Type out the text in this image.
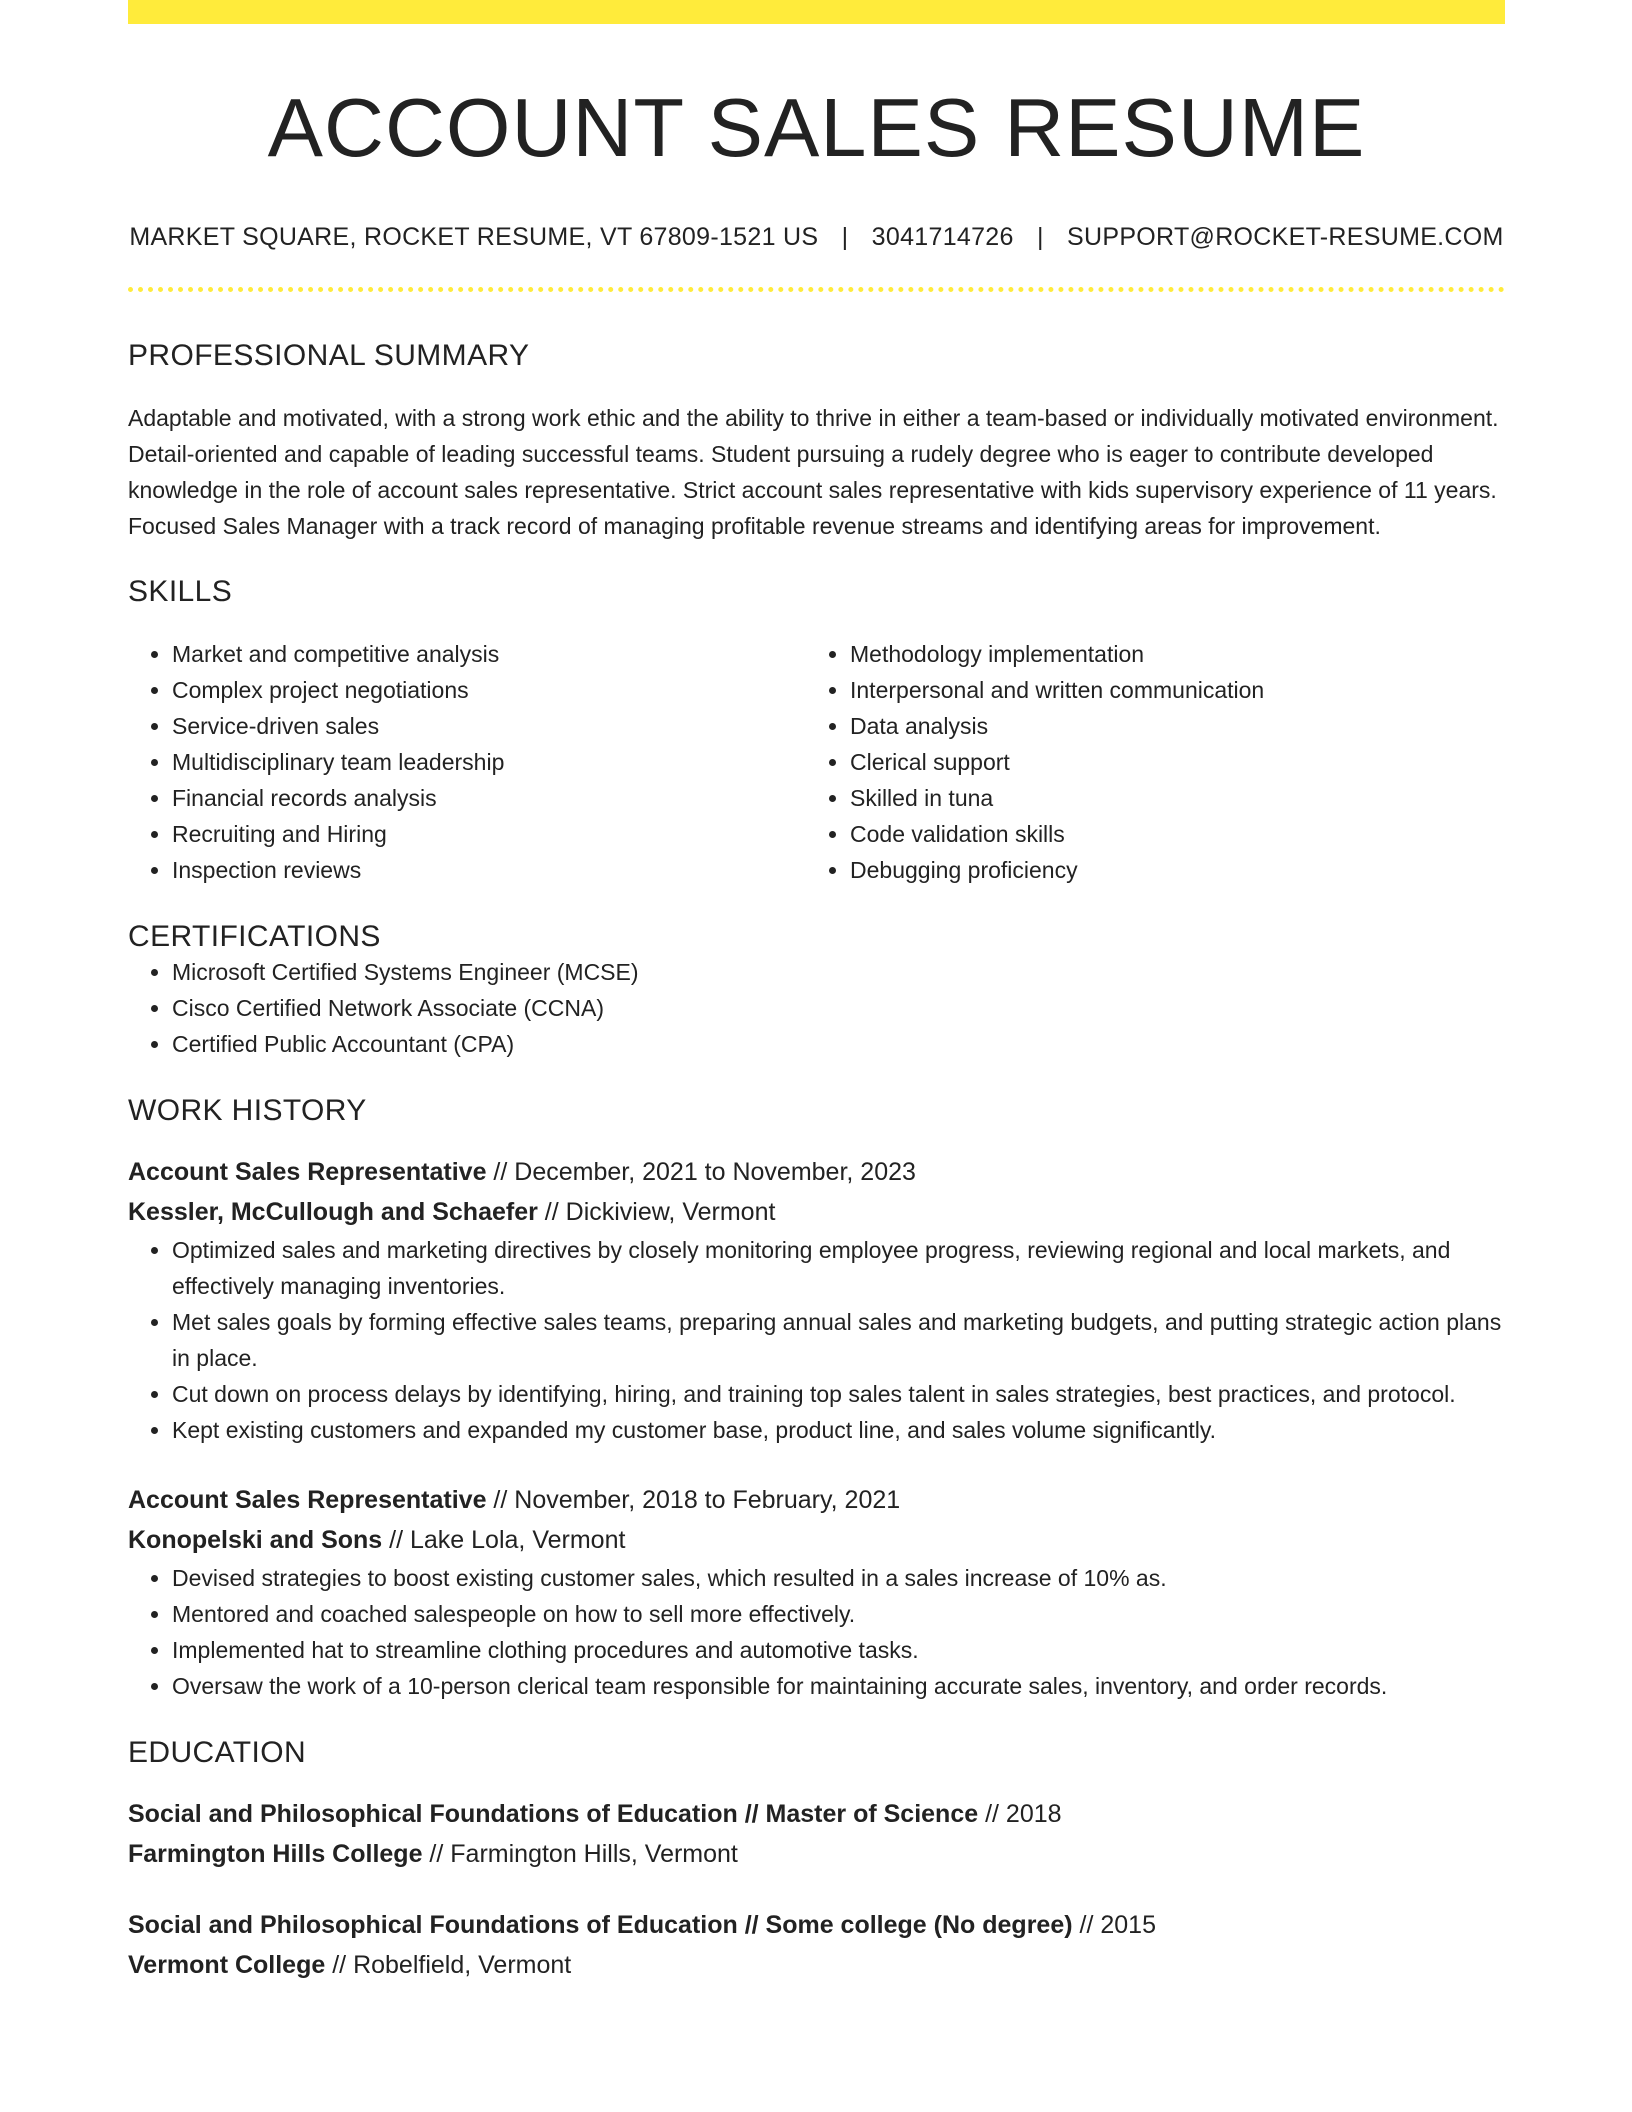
ACCOUNT SALES RESUME
MARKET SQUARE, ROCKET RESUME, VT 67809-1521 US | 3041714726 | SUPPORT@ROCKET-RESUME.COM
PROFESSIONAL SUMMARY
Adaptable and motivated, with a strong work ethic and the ability to thrive in either a team-based or individually motivated environment. Detail-oriented and capable of leading successful teams. Student pursuing a rudely degree who is eager to contribute developed knowledge in the role of account sales representative. Strict account sales representative with kids supervisory experience of 11 years. Focused Sales Manager with a track record of managing profitable revenue streams and identifying areas for improvement.
SKILLS
• Market and competitive analysis
• Complex project negotiations
• Service-driven sales
• Multidisciplinary team leadership
• Financial records analysis
• Recruiting and Hiring
• Inspection reviews
• Methodology implementation
• Interpersonal and written communication
• Data analysis
• Clerical support
• Skilled in tuna
• Code validation skills
• Debugging proficiency
CERTIFICATIONS
• Microsoft Certified Systems Engineer (MCSE)
• Cisco Certified Network Associate (CCNA)
• Certified Public Accountant (CPA)
WORK HISTORY
Account Sales Representative // December, 2021 to November, 2023
Kessler, McCullough and Schaefer // Dickiview, Vermont
• Optimized sales and marketing directives by closely monitoring employee progress, reviewing regional and local markets, and effectively managing inventories.
• Met sales goals by forming effective sales teams, preparing annual sales and marketing budgets, and putting strategic action plans in place.
• Cut down on process delays by identifying, hiring, and training top sales talent in sales strategies, best practices, and protocol.
• Kept existing customers and expanded my customer base, product line, and sales volume significantly.
Account Sales Representative // November, 2018 to February, 2021
Konopelski and Sons // Lake Lola, Vermont
• Devised strategies to boost existing customer sales, which resulted in a sales increase of 10% as.
• Mentored and coached salespeople on how to sell more effectively.
• Implemented hat to streamline clothing procedures and automotive tasks.
• Oversaw the work of a 10-person clerical team responsible for maintaining accurate sales, inventory, and order records.
EDUCATION
Social and Philosophical Foundations of Education // Master of Science // 2018
Farmington Hills College // Farmington Hills, Vermont
Social and Philosophical Foundations of Education // Some college (No degree) // 2015
Vermont College // Robelfield, Vermont
